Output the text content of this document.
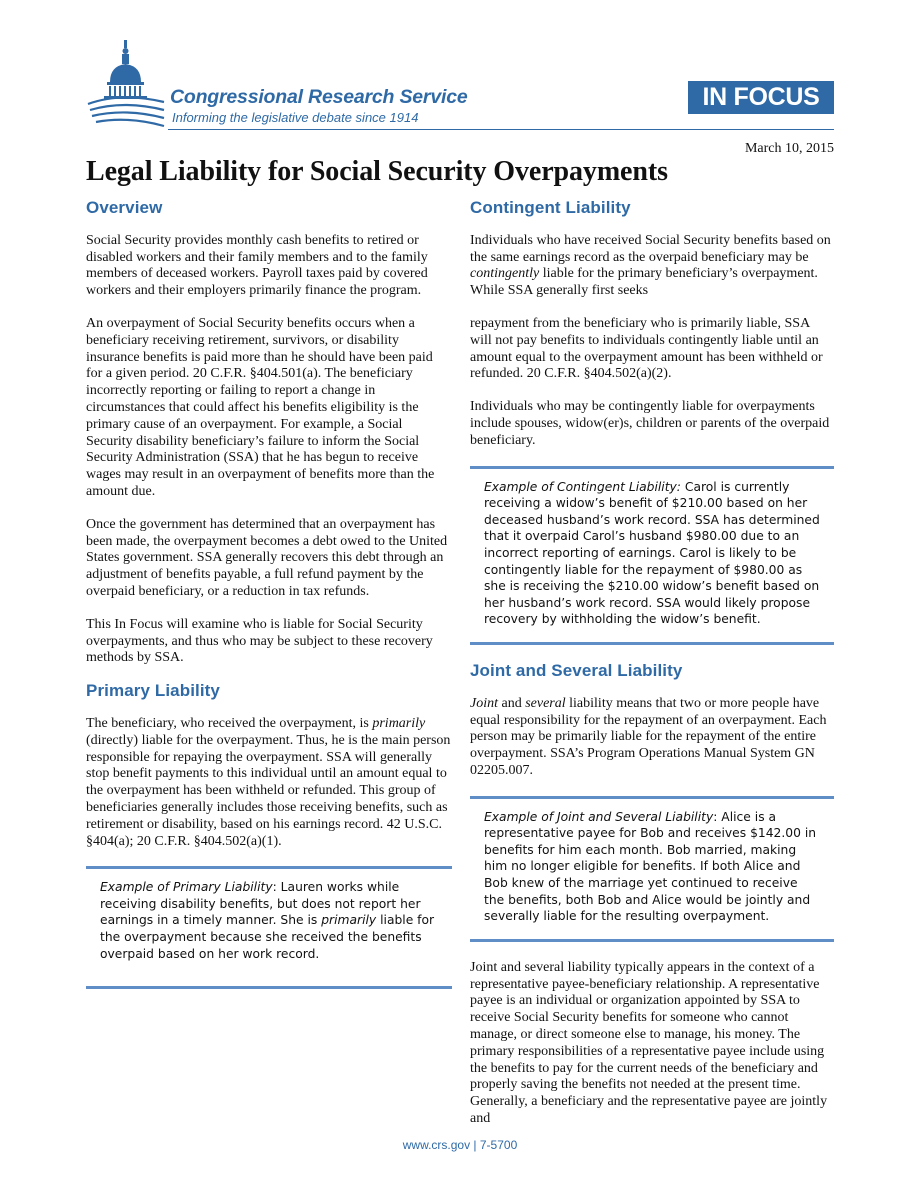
Congressional Research Service
Informing the legislative debate since 1914
IN FOCUS
March 10, 2015
Legal Liability for Social Security Overpayments
Overview
Social Security provides monthly cash benefits to retired or disabled workers and their family members and to the family members of deceased workers. Payroll taxes paid by covered workers and their employers primarily finance the program.
An overpayment of Social Security benefits occurs when a beneficiary receiving retirement, survivors, or disability insurance benefits is paid more than he should have been paid for a given period. 20 C.F.R. §404.501(a). The beneficiary incorrectly reporting or failing to report a change in circumstances that could affect his benefits eligibility is the primary cause of an overpayment. For example, a Social Security disability beneficiary’s failure to inform the Social Security Administration (SSA) that he has begun to receive wages may result in an overpayment of benefits more than the amount due.
Once the government has determined that an overpayment has been made, the overpayment becomes a debt owed to the United States government. SSA generally recovers this debt through an adjustment of benefits payable, a full refund payment by the overpaid beneficiary, or a reduction in tax refunds.
This In Focus will examine who is liable for Social Security overpayments, and thus who may be subject to these recovery methods by SSA.
Primary Liability
The beneficiary, who received the overpayment, is primarily (directly) liable for the overpayment. Thus, he is the main person responsible for repaying the overpayment. SSA will generally stop benefit payments to this individual until an amount equal to the overpayment has been withheld or refunded. This group of beneficiaries generally includes those receiving benefits, such as retirement or disability, based on his earnings record. 42 U.S.C. §404(a); 20 C.F.R. §404.502(a)(1).
Example of Primary Liability: Lauren works while receiving disability benefits, but does not report her earnings in a timely manner. She is primarily liable for the overpayment because she received the benefits overpaid based on her work record.
Contingent Liability
Individuals who have received Social Security benefits based on the same earnings record as the overpaid beneficiary may be contingently liable for the primary beneficiary’s overpayment. While SSA generally first seeks
repayment from the beneficiary who is primarily liable, SSA will not pay benefits to individuals contingently liable until an amount equal to the overpayment amount has been withheld or refunded. 20 C.F.R. §404.502(a)(2).
Individuals who may be contingently liable for overpayments include spouses, widow(er)s, children or parents of the overpaid beneficiary.
Example of Contingent Liability: Carol is currently receiving a widow’s benefit of $210.00 based on her deceased husband’s work record. SSA has determined that it overpaid Carol’s husband $980.00 due to an incorrect reporting of earnings. Carol is likely to be contingently liable for the repayment of $980.00 as she is receiving the $210.00 widow’s benefit based on her husband’s work record. SSA would likely propose recovery by withholding the widow’s benefit.
Joint and Several Liability
Joint and several liability means that two or more people have equal responsibility for the repayment of an overpayment. Each person may be primarily liable for the repayment of the entire overpayment. SSA’s Program Operations Manual System GN 02205.007.
Example of Joint and Several Liability: Alice is a representative payee for Bob and receives $142.00 in benefits for him each month. Bob married, making him no longer eligible for benefits. If both Alice and Bob knew of the marriage yet continued to receive the benefits, both Bob and Alice would be jointly and severally liable for the resulting overpayment.
Joint and several liability typically appears in the context of a representative payee-beneficiary relationship. A representative payee is an individual or organization appointed by SSA to receive Social Security benefits for someone who cannot manage, or direct someone else to manage, his money. The primary responsibilities of a representative payee include using the benefits to pay for the current needs of the beneficiary and properly saving the benefits not needed at the present time. Generally, a beneficiary and the representative payee are jointly and
www.crs.gov | 7-5700
